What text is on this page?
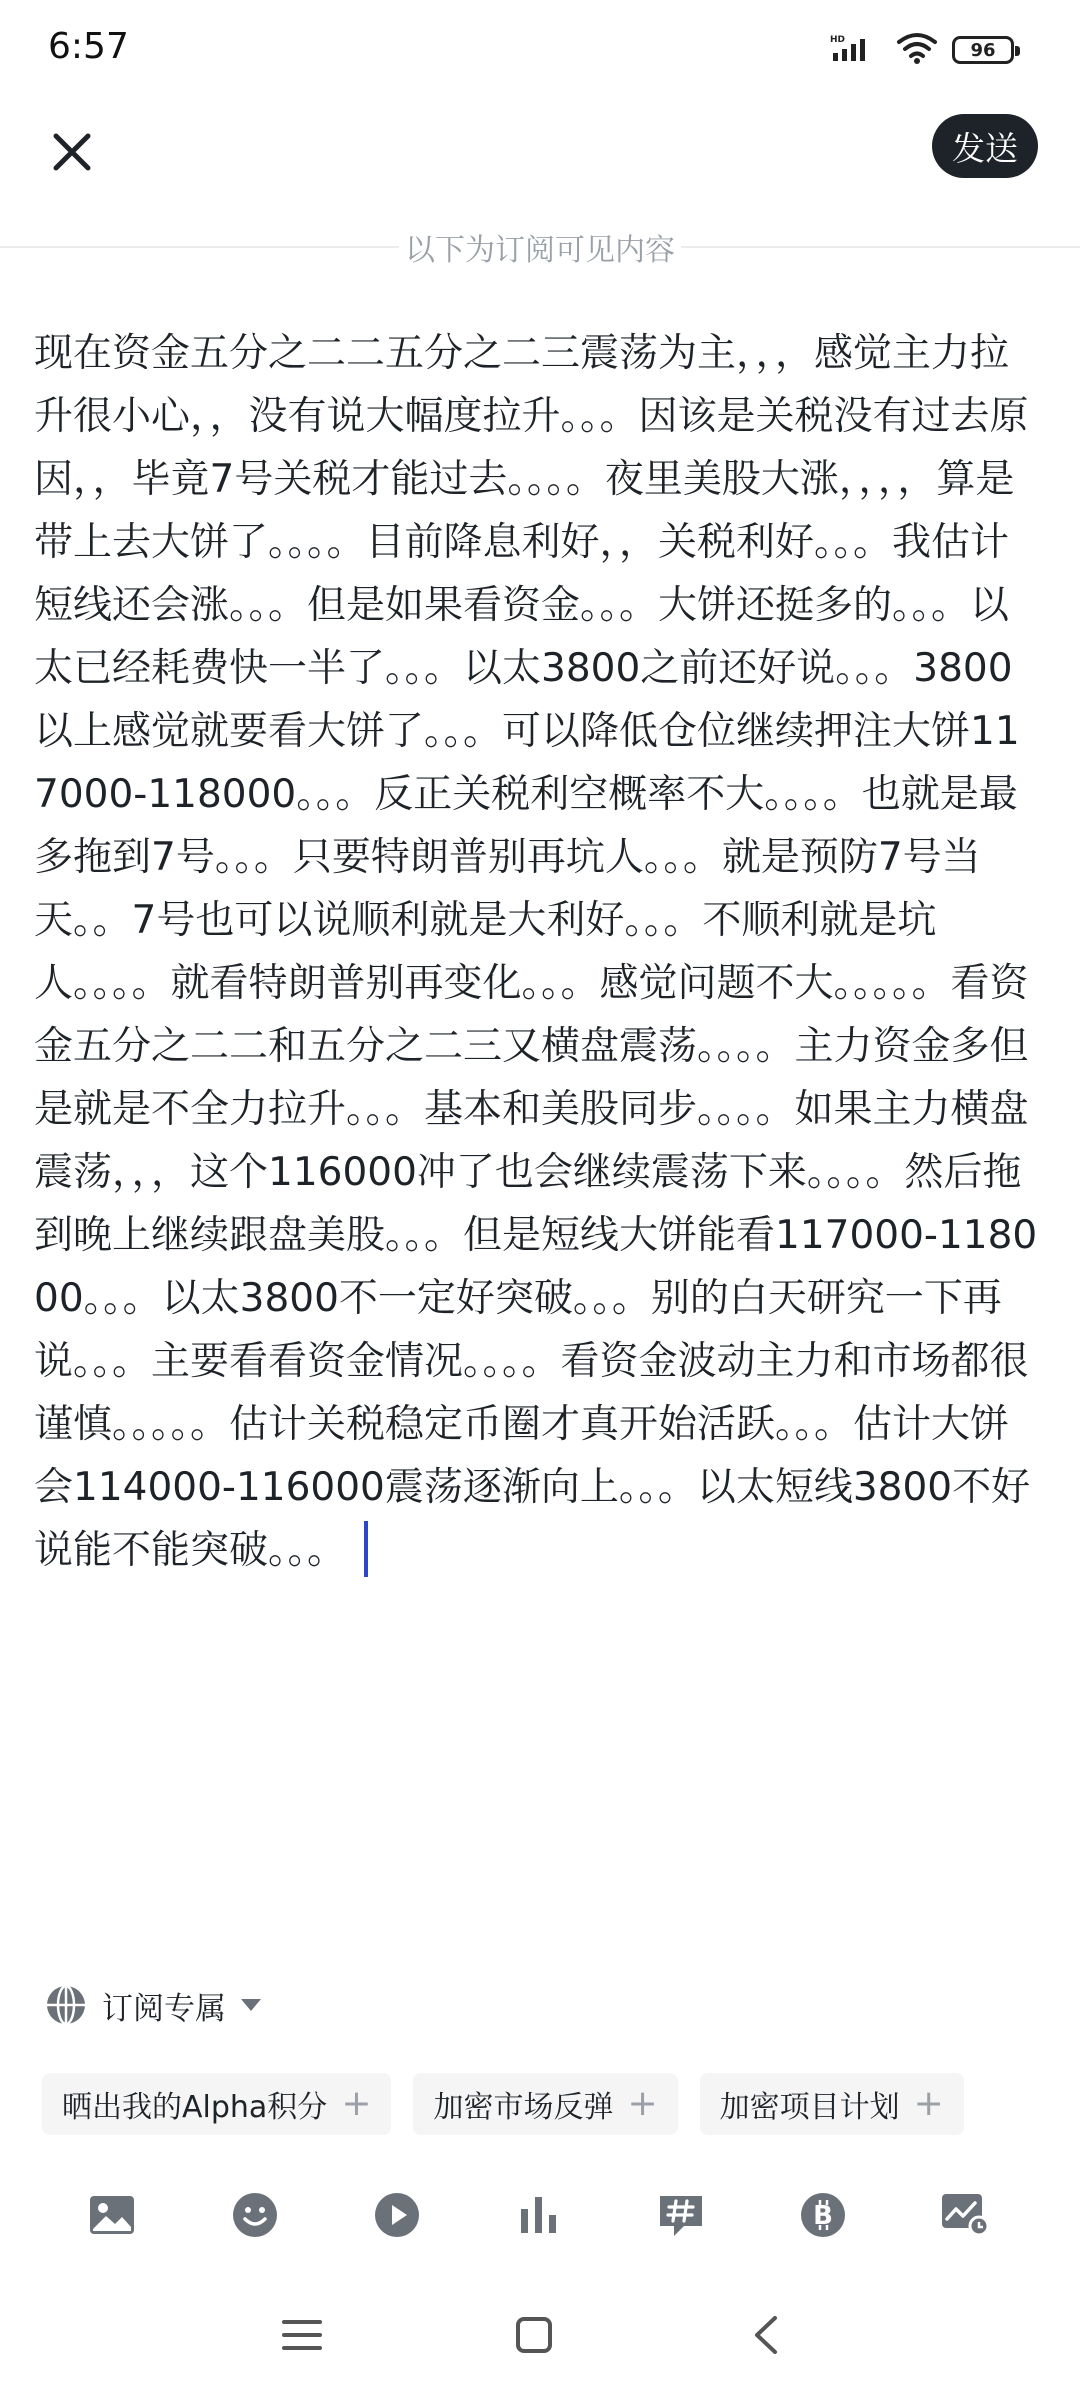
6:57	HD	96
发送
以下为订阅可见内容
现在资金五分之二二五分之二三震荡为主，，，感觉主力拉升很小心，，没有说大幅度拉升。。。因该是关税没有过去原因，，毕竟7号关税才能过去。。。。夜里美股大涨，，，，算是带上去大饼了。。。。目前降息利好，，关税利好。。。我估计短线还会涨。。。但是如果看资金。。。大饼还挺多的。。。以太已经耗费快一半了。。。以太3800之前还好说。。。3800以上感觉就要看大饼了。。。可以降低仓位继续押注大饼117000-118000。。。反正关税利空概率不大。。。。也就是最多拖到7号。。。只要特朗普别再坑人。。。就是预防7号当天。。7号也可以说顺利就是大利好。。。不顺利就是坑人。。。。就看特朗普别再变化。。。感觉问题不大。。。。。看资金五分之二二和五分之二三又横盘震荡。。。。主力资金多但是就是不全力拉升。。。基本和美股同步。。。。如果主力横盘震荡，，，这个116000冲了也会继续震荡下来。。。。然后拖到晚上继续跟盘美股。。。但是短线大饼能看117000-118000。。。以太3800不一定好突破。。。别的白天研究一下再说。。。主要看看资金情况。。。。看资金波动主力和市场都很谨慎。。。。。估计关税稳定币圈才真开始活跃。。。估计大饼会114000-116000震荡逐渐向上。。。以太短线3800不好说能不能突破。。。
订阅专属
晒出我的Alpha积分 + 加密市场反弹 + 加密项目计划 +
B
